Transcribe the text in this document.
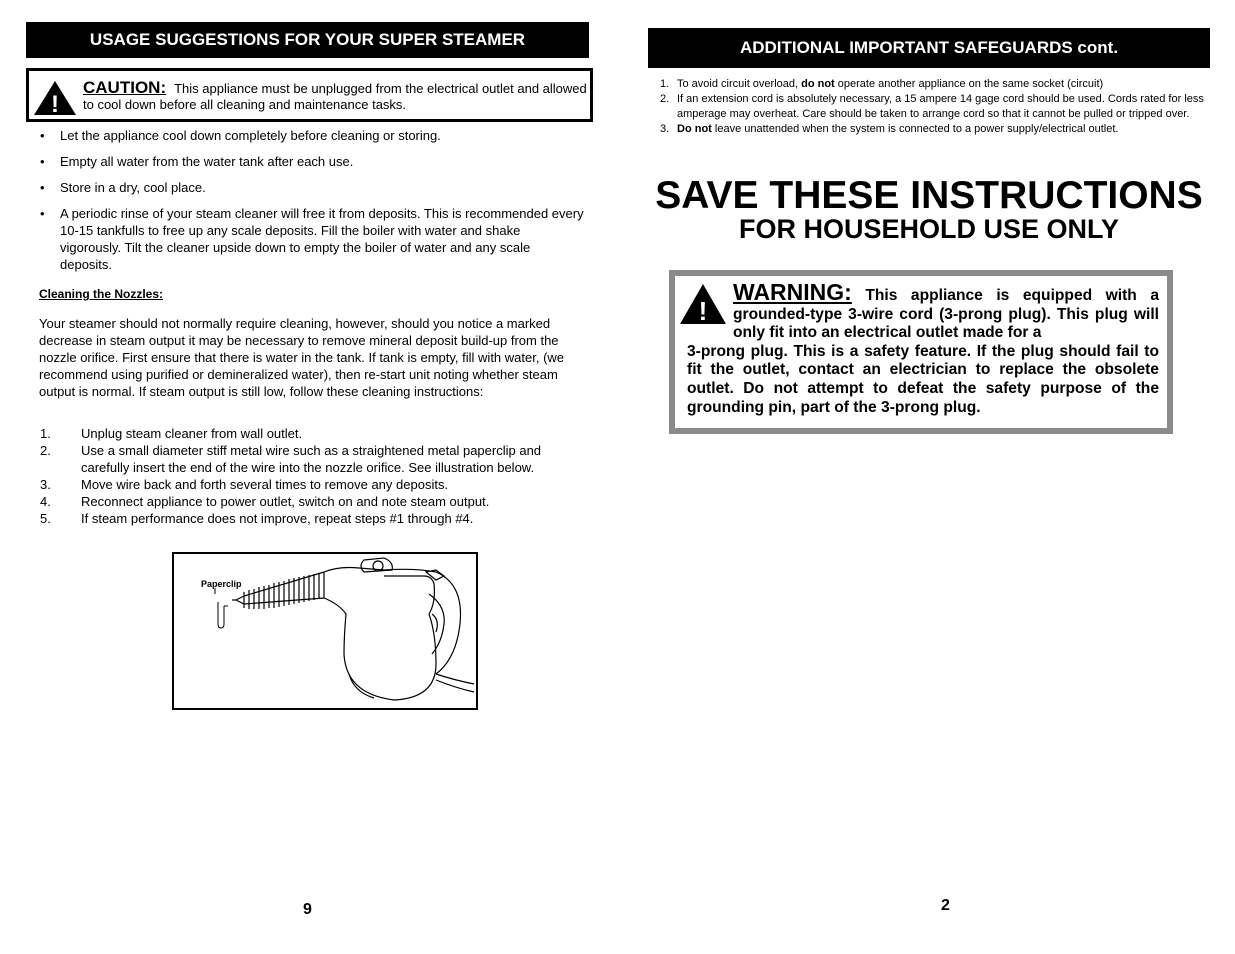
USAGE SUGGESTIONS FOR YOUR SUPER STEAMER
!
CAUTION: This appliance must be unplugged from the electrical outlet and allowed to cool down before all cleaning and maintenance tasks.
• Let the appliance cool down completely before cleaning or storing.
• Empty all water from the water tank after each use.
• Store in a dry, cool place.
• A periodic rinse of your steam cleaner will free it from deposits. This is recommended every 10-15 tankfulls to free up any scale deposits. Fill the boiler with water and shake vigorously. Tilt the cleaner upside down to empty the boiler of water and any scale deposits.
Cleaning the Nozzles:
Your steamer should not normally require cleaning, however, should you notice a marked decrease in steam output it may be necessary to remove mineral deposit build-up from the nozzle orifice. First ensure that there is water in the tank. If tank is empty, fill with water, (we recommend using purified or demineralized water), then re-start unit noting whether steam output is normal. If steam output is still low, follow these cleaning instructions:
1. Unplug steam cleaner from wall outlet.
2. Use a small diameter stiff metal wire such as a straightened metal paperclip and carefully insert the end of the wire into the nozzle orifice. See illustration below.
3. Move wire back and forth several times to remove any deposits.
4. Reconnect appliance to power outlet, switch on and note steam output.
5. If steam performance does not improve, repeat steps #1 through #4.
Paperclip
9
ADDITIONAL IMPORTANT SAFEGUARDS cont.
1. To avoid circuit overload, do not operate another appliance on the same socket (circuit)
2. If an extension cord is absolutely necessary, a 15 ampere 14 gage cord should be used. Cords rated for less amperage may overheat. Care should be taken to arrange cord so that it cannot be pulled or tripped over.
3. Do not leave unattended when the system is connected to a power supply/electrical outlet.
SAVE THESE INSTRUCTIONS
FOR HOUSEHOLD USE ONLY
!
WARNING: This appliance is equipped with a grounded-type 3-wire cord (3-prong plug). This plug will only fit into an electrical outlet made for a
3-prong plug. This is a safety feature. If the plug should fail to fit the outlet, contact an electrician to replace the obsolete outlet. Do not attempt to defeat the safety purpose of the grounding pin, part of the 3-prong plug.
2
